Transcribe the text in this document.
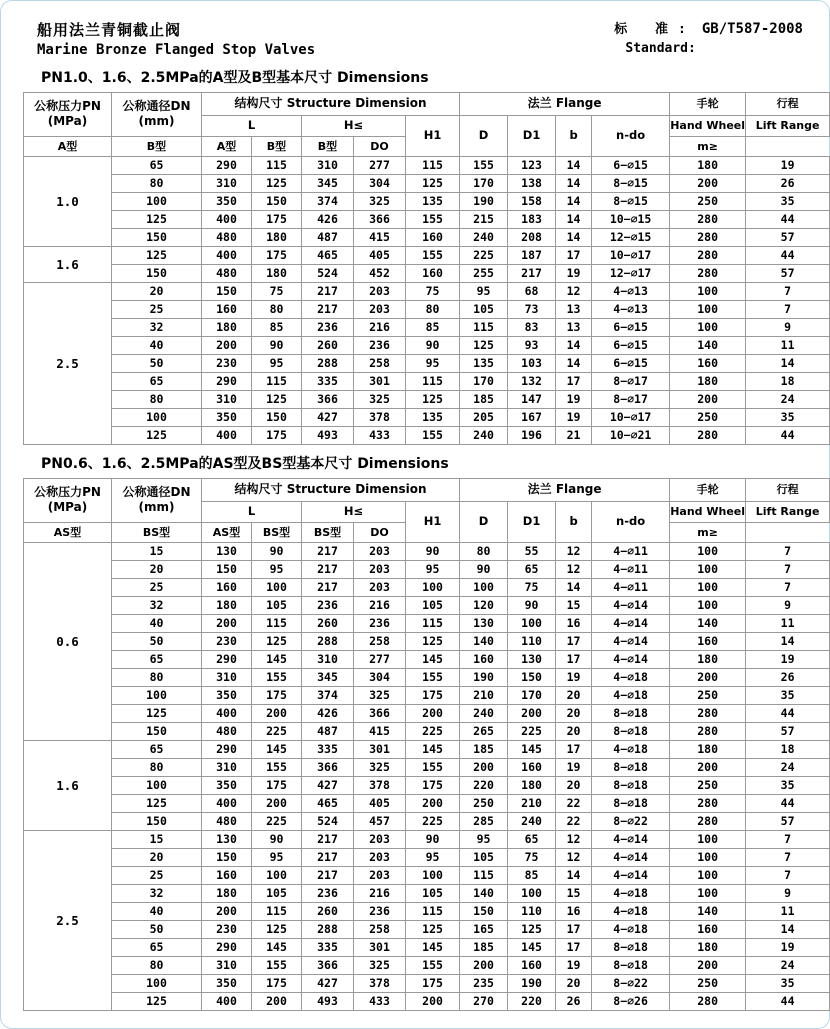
船用法兰青铜截止阀
Marine Bronze Flanged Stop Valves
标 准:
Standard:
GB/T587-2008
PN1.0、1.6、2.5MPa的A型及B型基本尺寸 Dimensions
公称压力PN
(MPa)

公称通径DN
(mm)
	结构尺寸 Structure Dimension	法兰 Flange	手轮	行程
		L		H≤		H1	D	D1	b	n-do	Hand Wheel	Lift Range
A型	B型	A型	B型	B型	DO						m≥	
1.0	65	290	115	310	277	115	155	123	14	6−⌀15	180	19
	80	310	125	345	304	125	170	138	14	8−⌀15	200	26
	100	350	150	374	325	135	190	158	14	8−⌀15	250	35
	125	400	175	426	366	155	215	183	14	10−⌀15	280	44
	150	480	180	487	415	160	240	208	14	12−⌀15	280	57
1.6	125	400	175	465	405	155	225	187	17	10−⌀17	280	44
	150	480	180	524	452	160	255	217	19	12−⌀17	280	57
2.5	20	150	75	217	203	75	95	68	12	4−⌀13	100	7
	25	160	80	217	203	80	105	73	13	4−⌀13	100	7
	32	180	85	236	216	85	115	83	13	6−⌀15	100	9
	40	200	90	260	236	90	125	93	14	6−⌀15	140	11
	50	230	95	288	258	95	135	103	14	6−⌀15	160	14
	65	290	115	335	301	115	170	132	17	8−⌀17	180	18
	80	310	125	366	325	125	185	147	19	8−⌀17	200	24
	100	350	150	427	378	135	205	167	19	10−⌀17	250	35
	125	400	175	493	433	155	240	196	21	10−⌀21	280	44
PN0.6、1.6、2.5MPa的AS型及BS型基本尺寸 Dimensions
公称压力PN
(MPa)

公称通径DN
(mm)
	结构尺寸 Structure Dimension	法兰 Flange	手轮	行程
		L		H≤		H1	D	D1	b	n-do	Hand Wheel	Lift Range
AS型	BS型	AS型	BS型	BS型	DO						m≥	
0.6	15	130	90	217	203	90	80	55	12	4−⌀11	100	7
	20	150	95	217	203	95	90	65	12	4−⌀11	100	7
	25	160	100	217	203	100	100	75	14	4−⌀11	100	7
	32	180	105	236	216	105	120	90	15	4−⌀14	100	9
	40	200	115	260	236	115	130	100	16	4−⌀14	140	11
	50	230	125	288	258	125	140	110	17	4−⌀14	160	14
	65	290	145	310	277	145	160	130	17	4−⌀14	180	19
	80	310	155	345	304	155	190	150	19	4−⌀18	200	26
	100	350	175	374	325	175	210	170	20	4−⌀18	250	35
	125	400	200	426	366	200	240	200	20	8−⌀18	280	44
	150	480	225	487	415	225	265	225	20	8−⌀18	280	57
1.6	65	290	145	335	301	145	185	145	17	4−⌀18	180	18
	80	310	155	366	325	155	200	160	19	8−⌀18	200	24
	100	350	175	427	378	175	220	180	20	8−⌀18	250	35
	125	400	200	465	405	200	250	210	22	8−⌀18	280	44
	150	480	225	524	457	225	285	240	22	8−⌀22	280	57
2.5	15	130	90	217	203	90	95	65	12	4−⌀14	100	7
	20	150	95	217	203	95	105	75	12	4−⌀14	100	7
	25	160	100	217	203	100	115	85	14	4−⌀14	100	7
	32	180	105	236	216	105	140	100	15	4−⌀18	100	9
	40	200	115	260	236	115	150	110	16	4−⌀18	140	11
	50	230	125	288	258	125	165	125	17	4−⌀18	160	14
	65	290	145	335	301	145	185	145	17	8−⌀18	180	19
	80	310	155	366	325	155	200	160	19	8−⌀18	200	24
	100	350	175	427	378	175	235	190	20	8−⌀22	250	35
	125	400	200	493	433	200	270	220	26	8−⌀26	280	44
